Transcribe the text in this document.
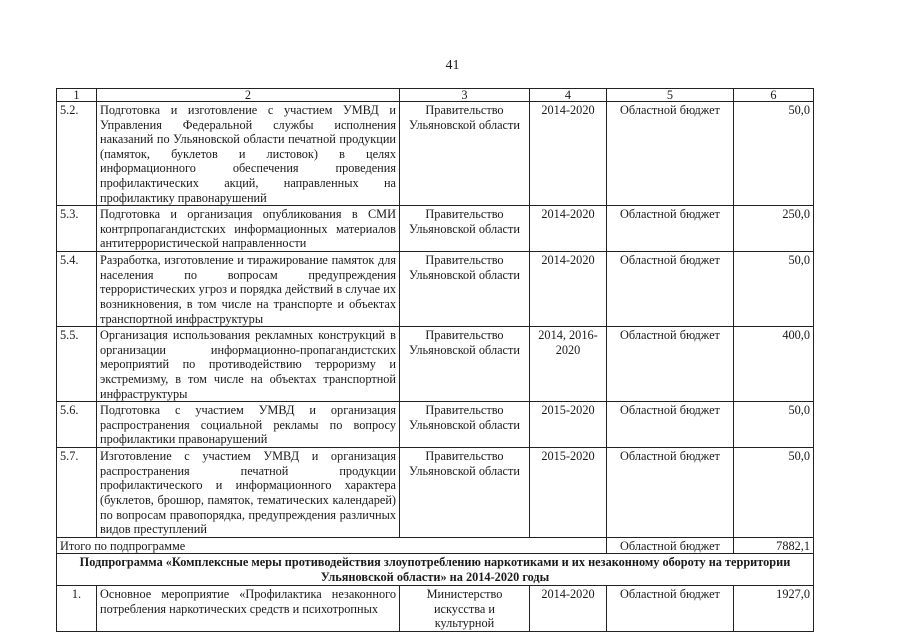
41
1	2	3	4	5	6
5.2.	Подготовка и изготовление с участием УМВД и Управления Федеральной службы исполнения наказаний по Ульяновской области печатной продукции (памяток, буклетов и листовок) в целях информационного обеспечения проведения профилактических акций, направленных на профилактику правонарушений	Правительство Ульяновской области	2014-2020	Областной бюджет	50,0
5.3.	Подготовка и организация опубликования в СМИ контрпропагандистских информационных материалов антитеррористической направленности	Правительство Ульяновской области	2014-2020	Областной бюджет	250,0
5.4.	Разработка, изготовление и тиражирование памяток для населения по вопросам предупреждения террористических угроз и порядка действий в случае их возникновения, в том числе на транспорте и объектах транспортной инфраструктуры	Правительство Ульяновской области	2014-2020	Областной бюджет	50,0
5.5.	Организация использования рекламных конструкций в организации информационно-пропагандистских мероприятий по противодействию терроризму и экстремизму, в том числе на объектах транспортной инфраструктуры	Правительство Ульяновской области	2014, 2016-2020	Областной бюджет	400,0
5.6.	Подготовка с участием УМВД и организация распространения социальной рекламы по вопросу профилактики правонарушений	Правительство Ульяновской области	2015-2020	Областной бюджет	50,0
5.7.	Изготовление с участием УМВД и организация распространения печатной продукции профилактического и информационного характера (буклетов, брошюр, памяток, тематических календарей) по вопросам правопорядка, предупреждения различных видов преступлений	Правительство Ульяновской области	2015-2020	Областной бюджет	50,0
Итого по подпрограмме				Областной бюджет	7882,1
Подпрограмма «Комплексные меры противодействия злоупотреблению наркотиками и их незаконному обороту на территории Ульяновской области» на 2014-2020 годы					
1.	Основное мероприятие «Профилактика незаконного потребления наркотических средств и психотропных	Министерство искусства и культурной	2014-2020	Областной бюджет	1927,0
